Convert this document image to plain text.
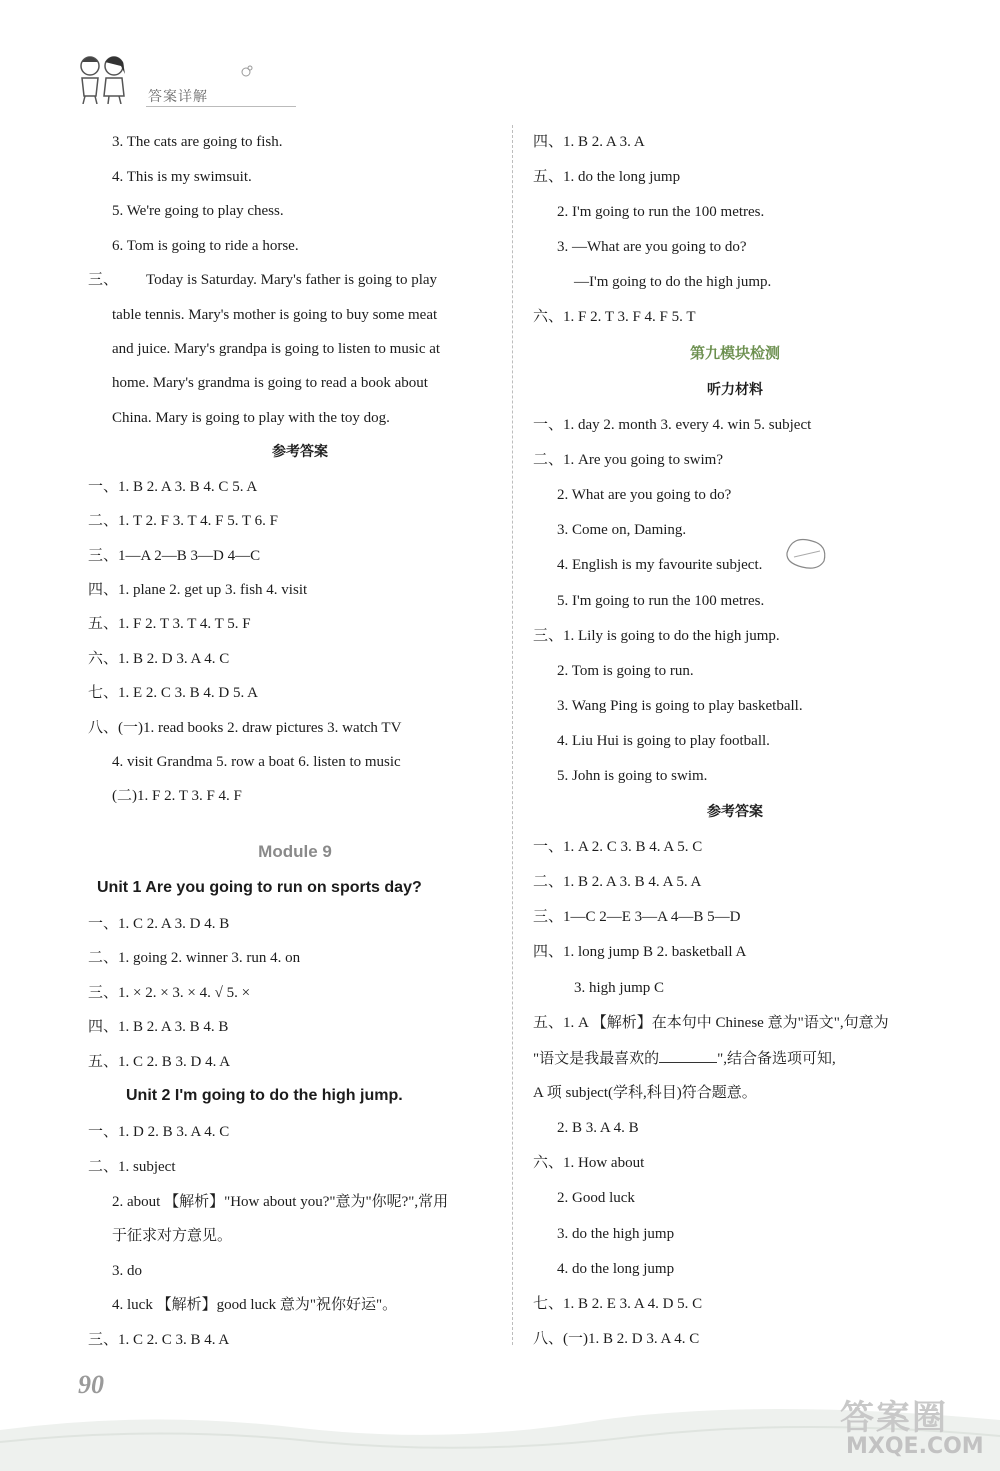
答案详解
3. The cats are going to fish.
4. This is my swimsuit.
5. We're going to play chess.
6. Tom is going to ride a horse.
三、 Today is Saturday. Mary's father is going to play
table tennis. Mary's mother is going to buy some meat
and juice. Mary's grandpa is going to listen to music at
home. Mary's grandma is going to read a book about
China. Mary is going to play with the toy dog.
参考答案
一、1. B 2. A 3. B 4. C 5. A
二、1. T 2. F 3. T 4. F 5. T 6. F
三、1—A 2—B 3—D 4—C
四、1. plane 2. get up 3. fish 4. visit
五、1. F 2. T 3. T 4. T 5. F
六、1. B 2. D 3. A 4. C
七、1. E 2. C 3. B 4. D 5. A
八、(一)1. read books 2. draw pictures 3. watch TV
4. visit Grandma 5. row a boat 6. listen to music
(二)1. F 2. T 3. F 4. F
Module 9
Unit 1 Are you going to run on sports day?
一、1. C 2. A 3. D 4. B
二、1. going 2. winner 3. run 4. on
三、1. × 2. × 3. × 4. √ 5. ×
四、1. B 2. A 3. B 4. B
五、1. C 2. B 3. D 4. A
Unit 2 I'm going to do the high jump.
一、1. D 2. B 3. A 4. C
二、1. subject
2. about 【解析】"How about you?"意为"你呢?",常用
于征求对方意见。
3. do
4. luck 【解析】good luck 意为"祝你好运"。
三、1. C 2. C 3. B 4. A
四、1. B 2. A 3. A
五、1. do the long jump
2. I'm going to run the 100 metres.
3. —What are you going to do?
—I'm going to do the high jump.
六、1. F 2. T 3. F 4. F 5. T
第九模块检测
听力材料
一、1. day 2. month 3. every 4. win 5. subject
二、1. Are you going to swim?
2. What are you going to do?
3. Come on, Daming.
4. English is my favourite subject.
5. I'm going to run the 100 metres.
三、1. Lily is going to do the high jump.
2. Tom is going to run.
3. Wang Ping is going to play basketball.
4. Liu Hui is going to play football.
5. John is going to swim.
参考答案
一、1. A 2. C 3. B 4. A 5. C
二、1. B 2. A 3. B 4. A 5. A
三、1—C 2—E 3—A 4—B 5—D
四、1. long jump B 2. basketball A
3. high jump C
五、1. A 【解析】在本句中 Chinese 意为"语文",句意为
"语文是我最喜欢的	",结合备选项可知,
A 项 subject(学科,科目)符合题意。
2. B 3. A 4. B
六、1. How about
2. Good luck
3. do the high jump
4. do the long jump
七、1. B 2. E 3. A 4. D 5. C
八、(一)1. B 2. D 3. A 4. C
90
答案圈
MXQE.COM
